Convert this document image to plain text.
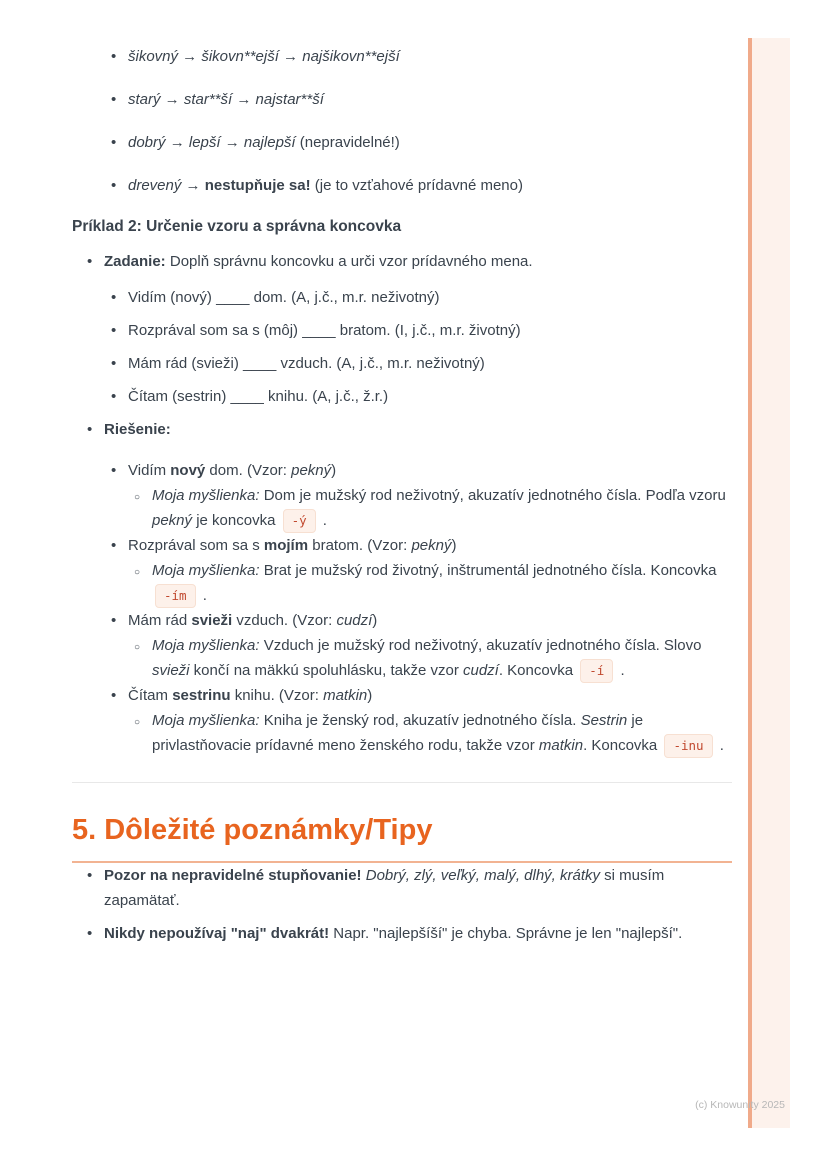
• šikovný → šikovn**ejší → najšikovn**ejší
• starý → star**ší → najstar**ší
• dobrý → lepší → najlepší (nepravidelné!)
• drevený → nestupňuje sa! (je to vzťahové prídavné meno)
Príklad 2: Určenie vzoru a správna koncovka
• Zadanie: Doplň správnu koncovku a urči vzor prídavného mena.
• Vidím (nový) ____ dom. (A, j.č., m.r. neživotný)
• Rozprával som sa s (môj) ____ bratom. (I, j.č., m.r. životný)
• Mám rád (svieži) ____ vzduch. (A, j.č., m.r. neživotný)
• Čítam (sestrin) ____ knihu. (A, j.č., ž.r.)
• Riešenie:
• Vidím nový dom. (Vzor: pekný)
○ Moja myšlienka: Dom je mužský rod neživotný, akuzatív jednotného čísla. Podľa vzoru pekný je koncovka -ý .
• Rozprával som sa s mojím bratom. (Vzor: pekný)
○ Moja myšlienka: Brat je mužský rod životný, inštrumentál jednotného čísla. Koncovka -ím .
• Mám rád svieži vzduch. (Vzor: cudzí)
○ Moja myšlienka: Vzduch je mužský rod neživotný, akuzatív jednotného čísla. Slovo svieži končí na mäkkú spoluhlásku, takže vzor cudzí. Koncovka -í .
• Čítam sestrinu knihu. (Vzor: matkin)
○ Moja myšlienka: Kniha je ženský rod, akuzatív jednotného čísla. Sestrin je privlastňovacie prídavné meno ženského rodu, takže vzor matkin. Koncovka -inu .
5. Dôležité poznámky/Tipy
• Pozor na nepravidelné stupňovanie! Dobrý, zlý, veľký, malý, dlhý, krátky si musím zapamätať.
• Nikdy nepoužívaj "naj" dvakrát! Napr. "najlepšíší" je chyba. Správne je len "najlepší".
(c) Knowunity 2025
